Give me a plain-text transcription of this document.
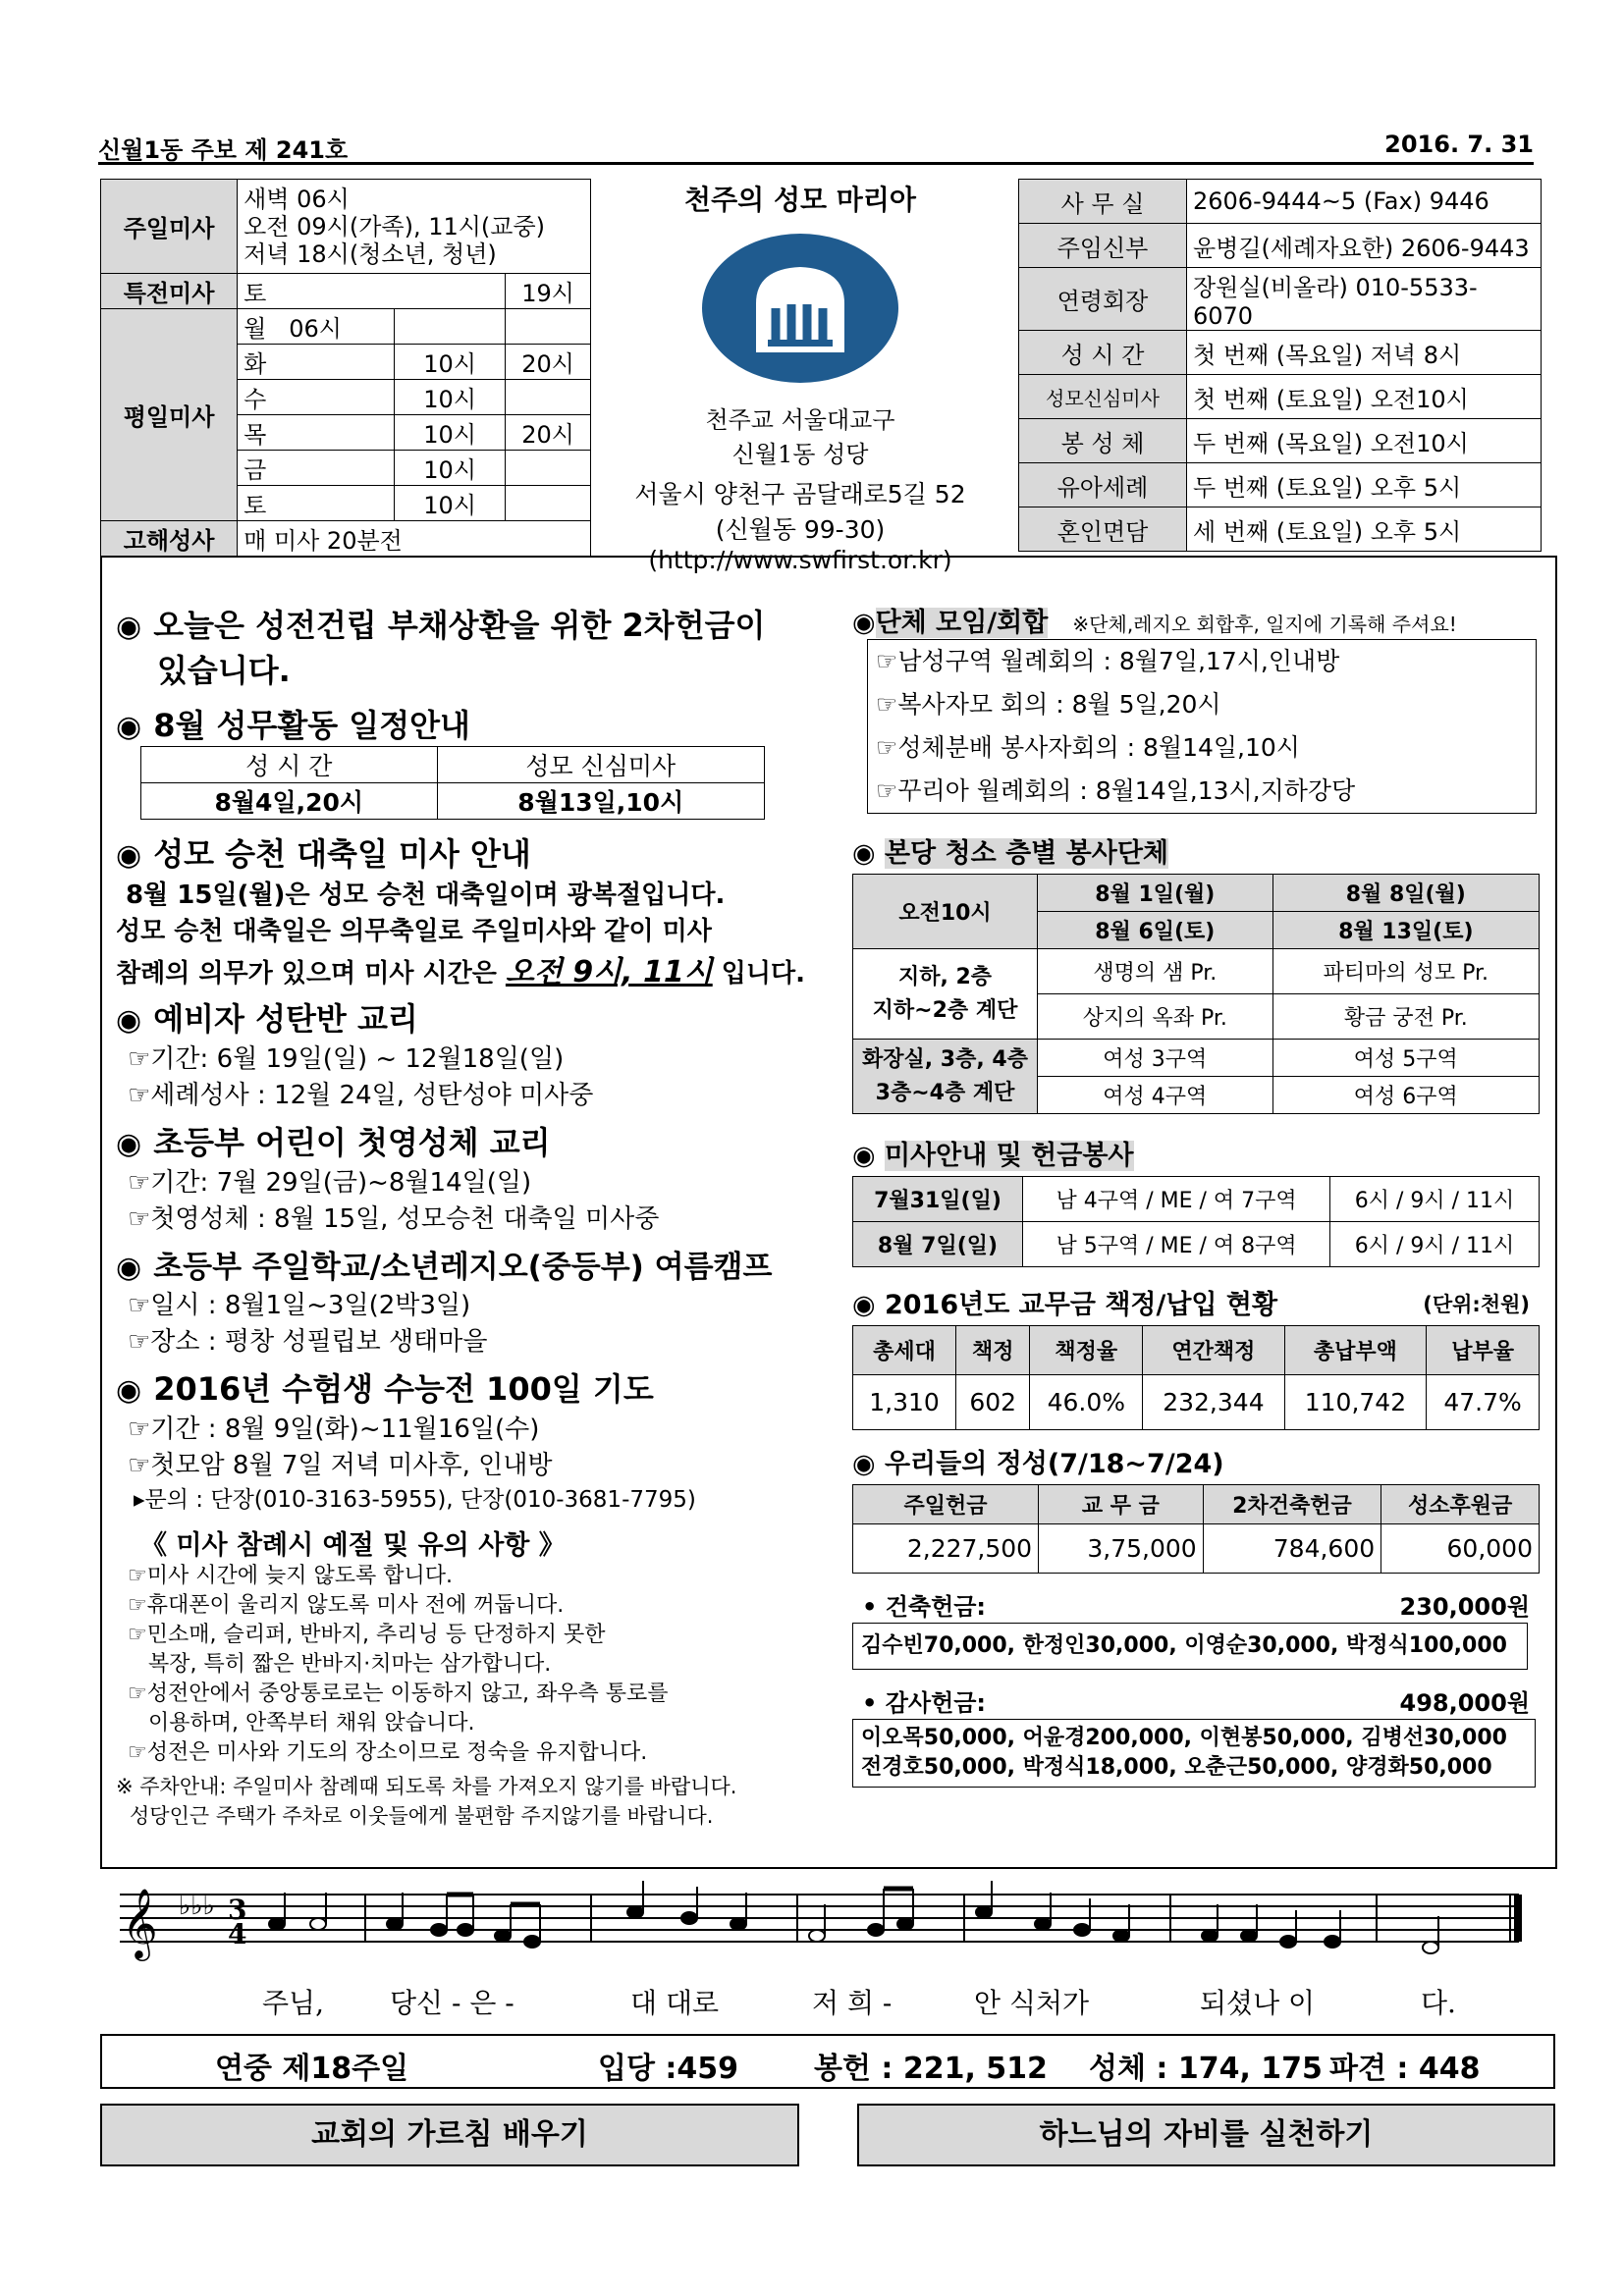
신월1동 주보 제 241호	2016. 7. 31
주일미사	새벽 06시
오전 09시(가족), 11시(교중)
저녁 18시(청소년, 청년)		

특전미사	토		19시
평일미사	월 06시		
	화	10시	20시
	수	10시	
	목	10시	20시
	금	10시	
	토	10시	
고해성사	매 미사 20분전		
천주의 성모 마리아
천주교 서울대교구
신월1동 성당
서울시 양천구 곰달래로5길 52
(신월동 99-30)
(http://www.swfirst.or.kr)
사 무 실	2606-9444~5 (Fax) 9446
주임신부	윤병길(세례자요한) 2606-9443
연령회장	장원실(비올라) 010-5533-6070
성 시 간	첫 번째 (목요일) 저녁 8시
성모신심미사	첫 번째 (토요일) 오전10시
봉 성 체	두 번째 (목요일) 오전10시
유아세례	두 번째 (토요일) 오후 5시
혼인면담	세 번째 (토요일) 오후 5시
◉ 오늘은 성전건립 부채상환을 위한 2차헌금이
있습니다.
◉ 8월 성무활동 일정안내
성 시 간	성모 신심미사
8월4일,20시	8월13일,10시
◉ 성모 승천 대축일 미사 안내
8월 15일(월)은 성모 승천 대축일이며 광복절입니다.
성모 승천 대축일은 의무축일로 주일미사와 같이 미사
참례의 의무가 있으며 미사 시간은 오전 9시, 11시 입니다.
◉ 예비자 성탄반 교리
☞기간: 6월 19일(일) ~ 12월18일(일)
☞세례성사 : 12월 24일, 성탄성야 미사중
◉ 초등부 어린이 첫영성체 교리
☞기간: 7월 29일(금)~8월14일(일)
☞첫영성체 : 8월 15일, 성모승천 대축일 미사중
◉ 초등부 주일학교/소년레지오(중등부) 여름캠프
☞일시 : 8월1일~3일(2박3일)
☞장소 : 평창 성필립보 생태마을
◉ 2016년 수험생 수능전 100일 기도
☞기간 : 8월 9일(화)~11월16일(수)
☞첫모암 8월 7일 저녁 미사후, 인내방
▸문의 : 단장(010-3163-5955), 단장(010-3681-7795)
《 미사 참례시 예절 및 유의 사항 》
☞미사 시간에 늦지 않도록 합니다.
☞휴대폰이 울리지 않도록 미사 전에 꺼둡니다.
☞민소매, 슬리퍼, 반바지, 추리닝 등 단정하지 못한
복장, 특히 짧은 반바지·치마는 삼가합니다.
☞성전안에서 중앙통로로는 이동하지 않고, 좌우측 통로를
이용하며, 안쪽부터 채워 앉습니다.
☞성전은 미사와 기도의 장소이므로 정숙을 유지합니다.
※ 주차안내: 주일미사 참례때 되도록 차를 가져오지 않기를 바랍니다.
성당인근 주택가 주차로 이웃들에게 불편함 주지않기를 바랍니다.
◉단체 모임/회합 ※단체,레지오 회합후, 일지에 기록해 주셔요!
☞남성구역 월례회의 : 8월7일,17시,인내방
☞복사자모 회의 : 8월 5일,20시
☞성체분배 봉사자회의 : 8월14일,10시
☞꾸리아 월례회의 : 8월14일,13시,지하강당
◉ 본당 청소 층별 봉사단체
오전10시	8월 1일(월)	8월 8일(월)
	8월 6일(토)	8월 13일(토)

지하, 2층
지하~2층 계단	생명의 샘 Pr.	파티마의 성모 Pr.
	상지의 옥좌 Pr.	황금 궁전 Pr.

화장실, 3층, 4층
3층~4층 계단	여성 3구역	여성 5구역
	여성 4구역	여성 6구역
◉ 미사안내 및 헌금봉사
7월31일(일)	남 4구역 / ME / 여 7구역	6시 / 9시 / 11시
8월 7일(일)	남 5구역 / ME / 여 8구역	6시 / 9시 / 11시
◉ 2016년도 교무금 책정/납입 현황	(단위:천원)
총세대	책정	책정율	연간책정	총납부액	납부율
1,310	602	46.0%	232,344	110,742	47.7%
◉ 우리들의 정성(7/18~7/24)
주일헌금	교 무 금	2차건축헌금	성소후원금
2,227,500	3,75,000	784,600	60,000
• 건축헌금:	230,000원
김수빈70,000, 한정인30,000, 이영순30,000, 박정식100,000
• 감사헌금:	498,000원
이오목50,000, 어윤경200,000, 이현봉50,000, 김병선30,000
전경호50,000, 박정식18,000, 오춘근50,000, 양경화50,000
𝄞 ♭♭♭ 3
4
주님, 당신 - 은 -	대 대로	저 희 -	안 식처가	되셨나 이	다.
연중 제18주일	입당 :459	봉헌 : 221, 512 성체 : 174, 175 파견 : 448
교회의 가르침 배우기	하느님의 자비를 실천하기
